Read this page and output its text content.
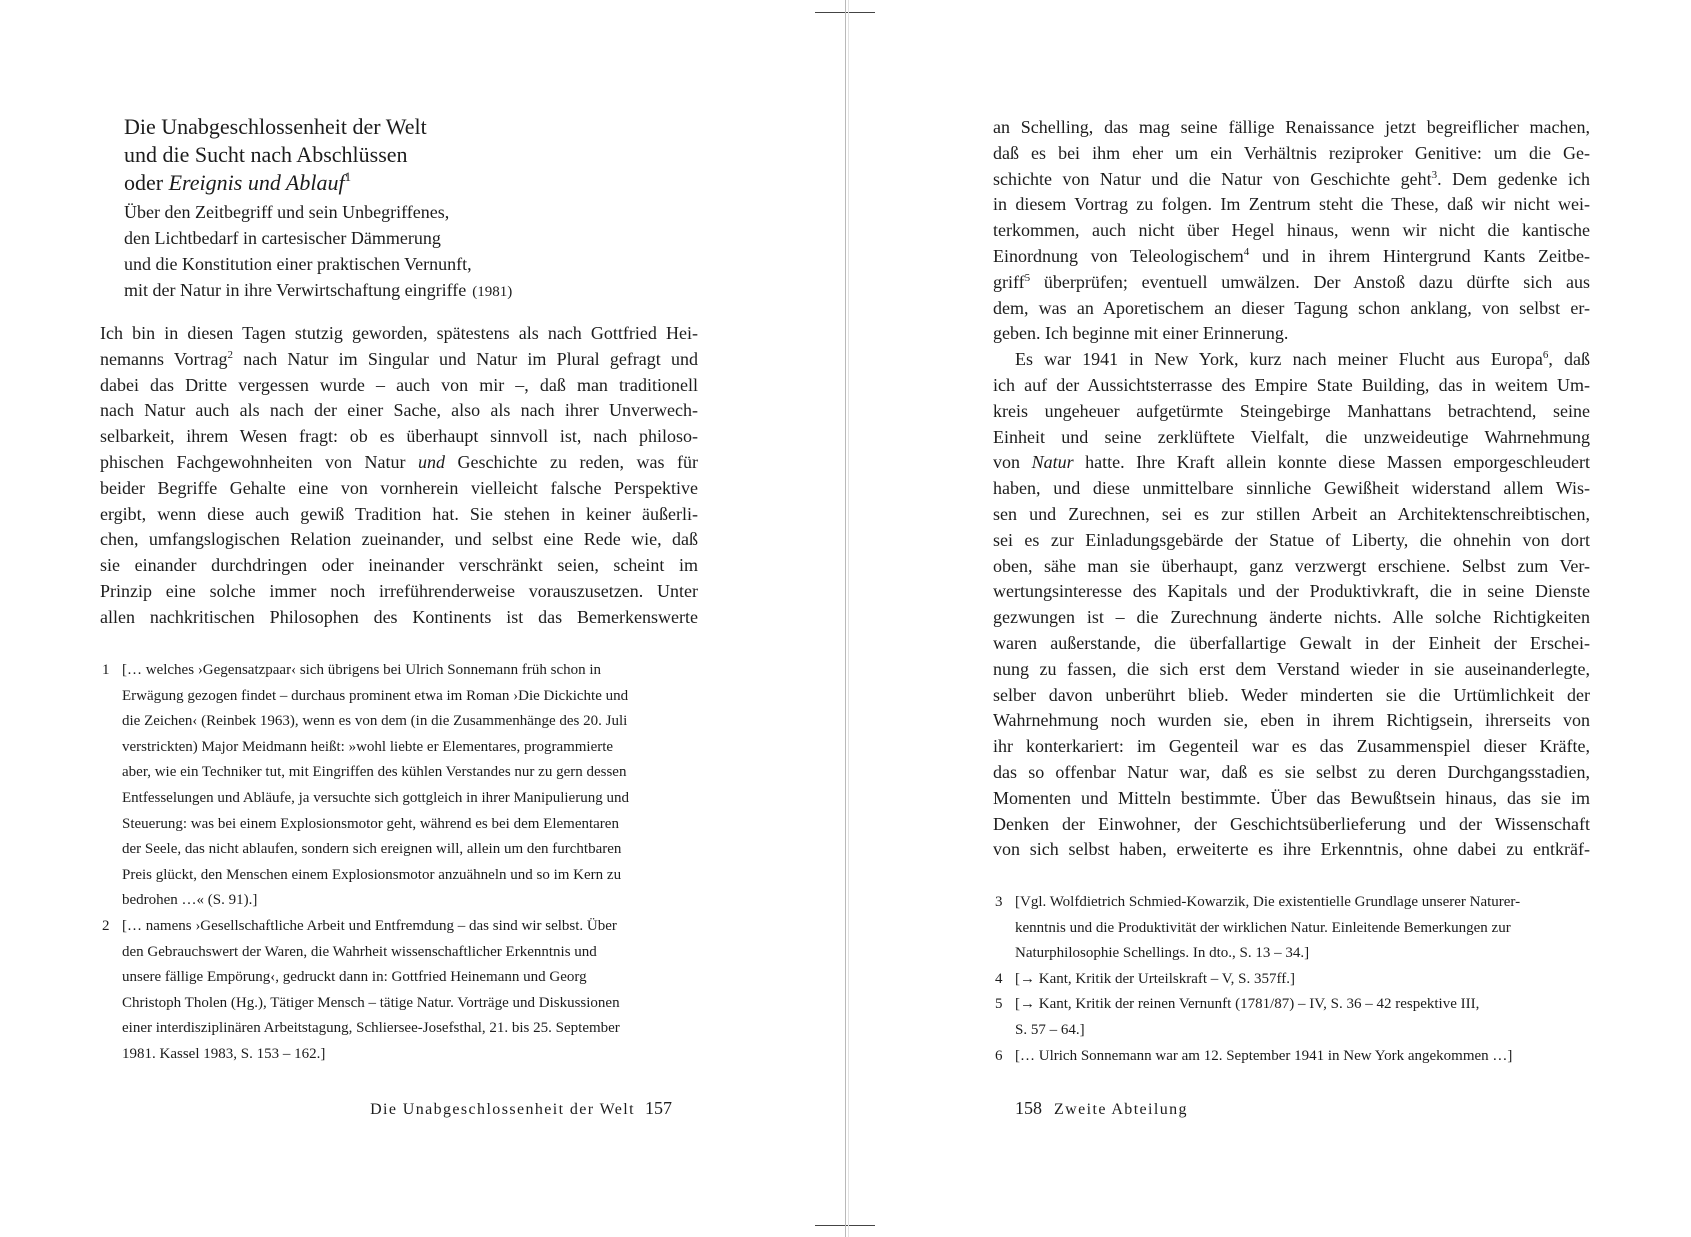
Die Unabgeschlossenheit der Welt
und die Sucht nach Abschlüssen
oder Ereignis und Ablauf$^1$
Über den Zeitbegriff und sein Unbegriffenes,
den Lichtbedarf in cartesischer Dämmerung
und die Konstitution einer praktischen Vernunft,
mit der Natur in ihre Verwirtschaftung eingriffe (1981)
Ich bin in diesen Tagen stutzig geworden, spätestens als nach Gottfried Hei-
nemanns Vortrag$^2$ nach Natur im Singular und Natur im Plural gefragt und
dabei das Dritte vergessen wurde – auch von mir –, daß man traditionell
nach Natur auch als nach der einer Sache, also als nach ihrer Unverwech-
selbarkeit, ihrem Wesen fragt: ob es überhaupt sinnvoll ist, nach philoso-
phischen Fachgewohnheiten von Natur und Geschichte zu reden, was für
beider Begriffe Gehalte eine von vornherein vielleicht falsche Perspektive
ergibt, wenn diese auch gewiß Tradition hat. Sie stehen in keiner äußerli-
chen, umfangslogischen Relation zueinander, und selbst eine Rede wie, daß
sie einander durchdringen oder ineinander verschränkt seien, scheint im
Prinzip eine solche immer noch irreführenderweise vorauszusetzen. Unter
allen nachkritischen Philosophen des Kontinents ist das Bemerkenswerte
1 [… welches ›Gegensatzpaar‹ sich übrigens bei Ulrich Sonnemann früh schon in
Erwägung gezogen findet – durchaus prominent etwa im Roman ›Die Dickichte und
die Zeichen‹ (Reinbek 1963), wenn es von dem (in die Zusammenhänge des 20. Juli
verstrickten) Major Meidmann heißt: »wohl liebte er Elementares, programmierte
aber, wie ein Techniker tut, mit Eingriffen des kühlen Verstandes nur zu gern dessen
Entfesselungen und Abläufe, ja versuchte sich gottgleich in ihrer Manipulierung und
Steuerung: was bei einem Explosionsmotor geht, während es bei dem Elementaren
der Seele, das nicht ablaufen, sondern sich ereignen will, allein um den furchtbaren
Preis glückt, den Menschen einem Explosionsmotor anzuähneln und so im Kern zu
bedrohen …« (S. 91).]
2 [… namens ›Gesellschaftliche Arbeit und Entfremdung – das sind wir selbst. Über
den Gebrauchswert der Waren, die Wahrheit wissenschaftlicher Erkenntnis und
unsere fällige Empörung‹, gedruckt dann in: Gottfried Heinemann und Georg
Christoph Tholen (Hg.), Tätiger Mensch – tätige Natur. Vorträge und Diskussionen
einer interdisziplinären Arbeitstagung, Schliersee-Josefsthal, 21. bis 25. September
1981. Kassel 1983, S. 153 – 162.]
Die Unabgeschlossenheit der Welt 157
an Schelling, das mag seine fällige Renaissance jetzt begreiflicher machen,
daß es bei ihm eher um ein Verhältnis reziproker Genitive: um die Ge-
schichte von Natur und die Natur von Geschichte geht$^3$. Dem gedenke ich
in diesem Vortrag zu folgen. Im Zentrum steht die These, daß wir nicht wei-
terkommen, auch nicht über Hegel hinaus, wenn wir nicht die kantische
Einordnung von Teleologischem$^4$ und in ihrem Hintergrund Kants Zeitbe-
griff$^5$ überprüfen; eventuell umwälzen. Der Anstoß dazu dürfte sich aus
dem, was an Aporetischem an dieser Tagung schon anklang, von selbst er-
geben. Ich beginne mit einer Erinnerung.
Es war 1941 in New York, kurz nach meiner Flucht aus Europa$^6$, daß
ich auf der Aussichtsterrasse des Empire State Building, das in weitem Um-
kreis ungeheuer aufgetürmte Steingebirge Manhattans betrachtend, seine
Einheit und seine zerklüftete Vielfalt, die unzweideutige Wahrnehmung
von Natur hatte. Ihre Kraft allein konnte diese Massen emporgeschleudert
haben, und diese unmittelbare sinnliche Gewißheit widerstand allem Wis-
sen und Zurechnen, sei es zur stillen Arbeit an Architektenschreibtischen,
sei es zur Einladungsgebärde der Statue of Liberty, die ohnehin von dort
oben, sähe man sie überhaupt, ganz verzwergt erschiene. Selbst zum Ver-
wertungsinteresse des Kapitals und der Produktivkraft, die in seine Dienste
gezwungen ist – die Zurechnung änderte nichts. Alle solche Richtigkeiten
waren außerstande, die überfallartige Gewalt in der Einheit der Erschei-
nung zu fassen, die sich erst dem Verstand wieder in sie auseinanderlegte,
selber davon unberührt blieb. Weder minderten sie die Urtümlichkeit der
Wahrnehmung noch wurden sie, eben in ihrem Richtigsein, ihrerseits von
ihr konterkariert: im Gegenteil war es das Zusammenspiel dieser Kräfte,
das so offenbar Natur war, daß es sie selbst zu deren Durchgangsstadien,
Momenten und Mitteln bestimmte. Über das Bewußtsein hinaus, das sie im
Denken der Einwohner, der Geschichtsüberlieferung und der Wissenschaft
von sich selbst haben, erweiterte es ihre Erkenntnis, ohne dabei zu entkräf-
3 [Vgl. Wolfdietrich Schmied-Kowarzik, Die existentielle Grundlage unserer Naturer-
kenntnis und die Produktivität der wirklichen Natur. Einleitende Bemerkungen zur
Naturphilosophie Schellings. In dto., S. 13 – 34.]
4 [→ Kant, Kritik der Urteilskraft – V, S. 357ff.]
5 [→ Kant, Kritik der reinen Vernunft (1781/87) – IV, S. 36 – 42 respektive III,
S. 57 – 64.]
6 [… Ulrich Sonnemann war am 12. September 1941 in New York angekommen …]
158 Zweite Abteilung
